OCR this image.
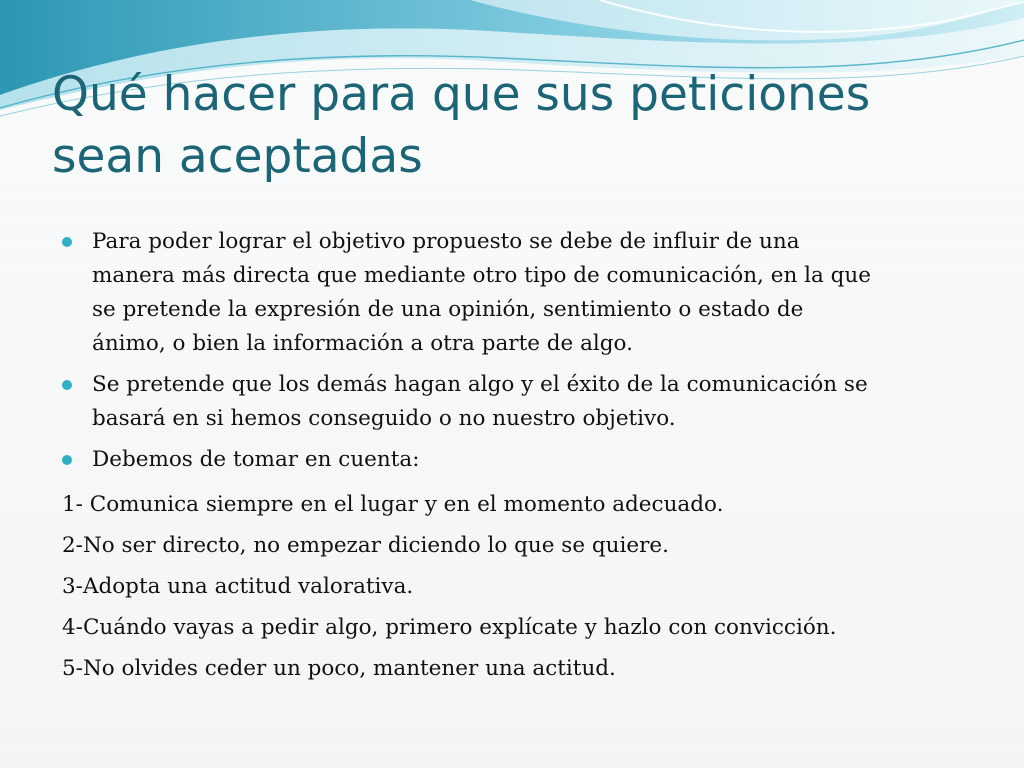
Qué hacer para que sus peticiones
sean aceptadas
Para poder lograr el objetivo propuesto se debe de influir de una
manera más directa que mediante otro tipo de comunicación, en la que
se pretende la expresión de una opinión, sentimiento o estado de
ánimo, o bien la información a otra parte de algo.
Se pretende que los demás hagan algo y el éxito de la comunicación se
basará en si hemos conseguido o no nuestro objetivo.
Debemos de tomar en cuenta:
1- Comunica siempre en el lugar y en el momento adecuado.
2-No ser directo, no empezar diciendo lo que se quiere.
3-Adopta una actitud valorativa.
4-Cuándo vayas a pedir algo, primero explícate y hazlo con convicción.
5-No olvides ceder un poco, mantener una actitud.
